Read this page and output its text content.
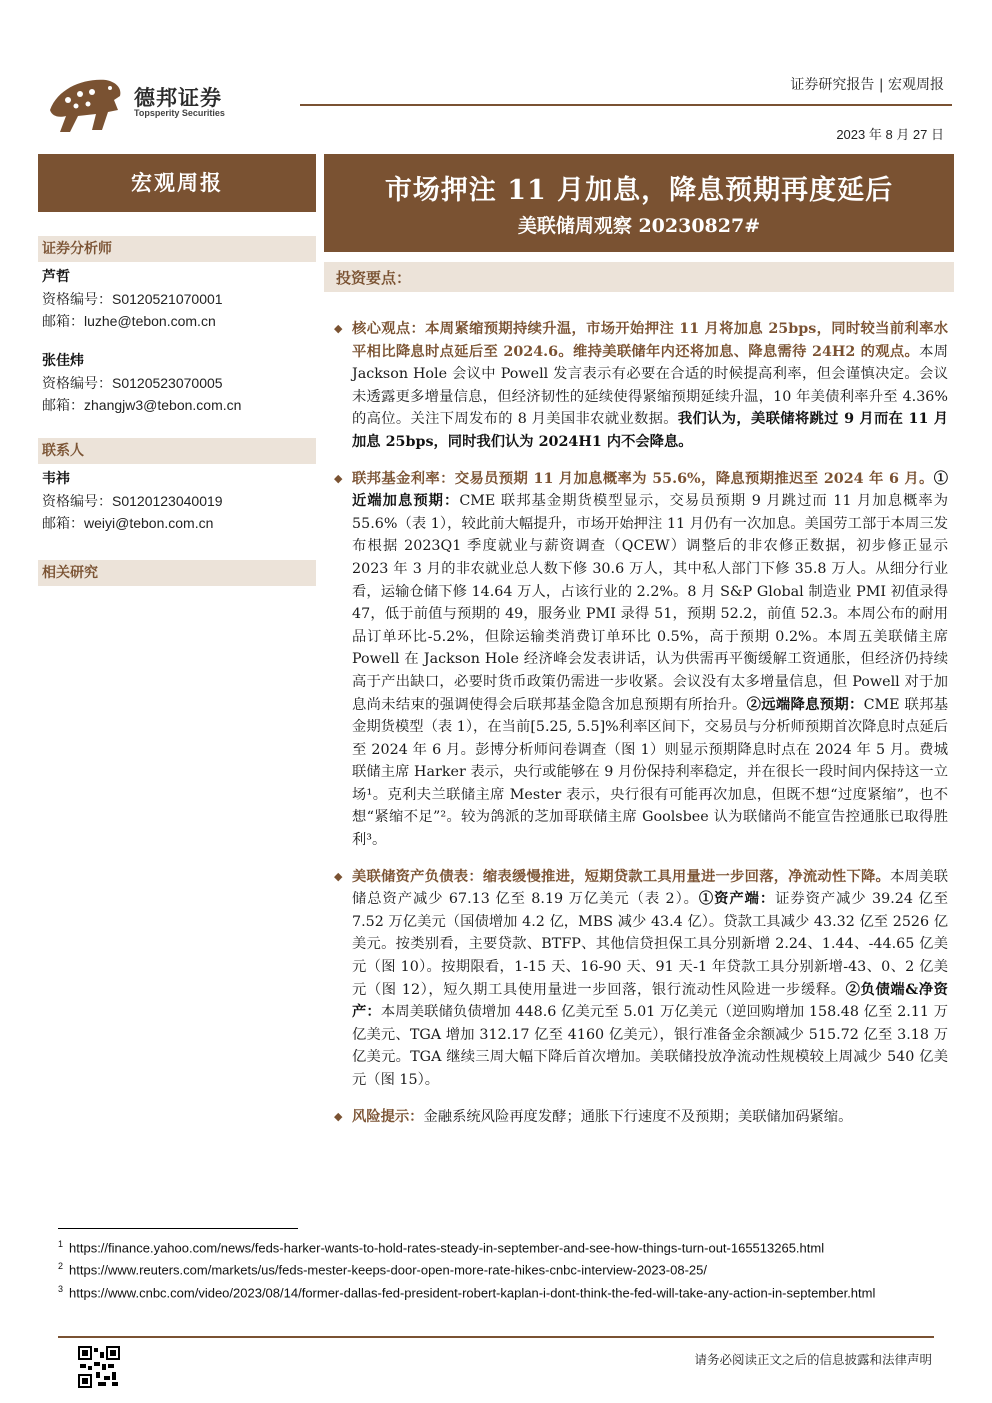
德邦证券
Topsperity Securities
证券研究报告 | 宏观周报
2023 年 8 月 27 日
宏观周报	市场押注 11 月加息，降息预期再度延后
美联储周观察 20230827#
证券分析师
芦哲
资格编号：S0120521070001
邮箱：luzhe@tebon.com.cn
张佳炜
资格编号：S0120523070005
邮箱：zhangjw3@tebon.com.cn
联系人
韦祎
资格编号：S0120123040019
邮箱：weiyi@tebon.com.cn
相关研究
投资要点：
◆ 核心观点：本周紧缩预期持续升温，市场开始押注 11 月将加息 25bps，同时较当前利率水平相比降息时点延后至 2024.6。维持美联储年内还将加息、降息需待 24H2 的观点。本周 Jackson Hole 会议中 Powell 发言表示有必要在合适的时候提高利率，但会谨慎决定。会议未透露更多增量信息，但经济韧性的延续使得紧缩预期延续升温，10 年美债利率升至 4.36%的高位。关注下周发布的 8 月美国非农就业数据。我们认为，美联储将跳过 9 月而在 11 月加息 25bps，同时我们认为 2024H1 内不会降息。
◆ 联邦基金利率：交易员预期 11 月加息概率为 55.6%，降息预期推迟至 2024 年 6 月。①近端加息预期：CME 联邦基金期货模型显示，交易员预期 9 月跳过而 11 月加息概率为 55.6%（表 1），较此前大幅提升，市场开始押注 11 月仍有一次加息。美国劳工部于本周三发布根据 2023Q1 季度就业与薪资调查（QCEW）调整后的非农修正数据，初步修正显示 2023 年 3 月的非农就业总人数下修 30.6 万人，其中私人部门下修 35.8 万人。从细分行业看，运输仓储下修 14.64 万人，占该行业的 2.2%。8 月 S&P Global 制造业 PMI 初值录得 47，低于前值与预期的 49，服务业 PMI 录得 51，预期 52.2，前值 52.3。本周公布的耐用品订单环比-5.2%，但除运输类消费订单环比 0.5%，高于预期 0.2%。本周五美联储主席 Powell 在 Jackson Hole 经济峰会发表讲话，认为供需再平衡缓解工资通胀，但经济仍持续高于产出缺口，必要时货币政策仍需进一步收紧。会议没有太多增量信息，但 Powell 对于加息尚未结束的强调使得会后联邦基金隐含加息预期有所抬升。②远端降息预期：CME 联邦基金期货模型（表 1），在当前[5.25, 5.5]%利率区间下，交易员与分析师预期首次降息时点延后至 2024 年 6 月。彭博分析师问卷调查（图 1）则显示预期降息时点在 2024 年 5 月。费城联储主席 Harker 表示，央行或能够在 9 月份保持利率稳定，并在很长一段时间内保持这一立场¹。克利夫兰联储主席 Mester 表示，央行很有可能再次加息，但既不想“过度紧缩”，也不想“紧缩不足”²。较为鸽派的芝加哥联储主席 Goolsbee 认为联储尚不能宣告控通胀已取得胜利³。
◆ 美联储资产负债表：缩表缓慢推进，短期贷款工具用量进一步回落，净流动性下降。本周美联储总资产减少 67.13 亿至 8.19 万亿美元（表 2）。①资产端：证券资产减少 39.24 亿至 7.52 万亿美元（国债增加 4.2 亿，MBS 减少 43.4 亿）。贷款工具减少 43.32 亿至 2526 亿美元。按类别看，主要贷款、BTFP、其他信贷担保工具分别新增 2.24、1.44、-44.65 亿美元（图 10）。按期限看，1-15 天、16-90 天、91 天-1 年贷款工具分别新增-43、0、2 亿美元（图 12），短久期工具使用量进一步回落，银行流动性风险进一步缓释。②负债端&净资产：本周美联储负债增加 448.6 亿美元至 5.01 万亿美元（逆回购增加 158.48 亿至 2.11 万亿美元、TGA 增加 312.17 亿至 4160 亿美元），银行准备金余额减少 515.72 亿至 3.18 万亿美元。TGA 继续三周大幅下降后首次增加。美联储投放净流动性规模较上周减少 540 亿美元（图 15）。
◆ 风险提示：金融系统风险再度发酵；通胀下行速度不及预期；美联储加码紧缩。
$^1$ https://finance.yahoo.com/news/feds-harker-wants-to-hold-rates-steady-in-september-and-see-how-things-turn-out-165513265.html
$^2$ https://www.reuters.com/markets/us/feds-mester-keeps-door-open-more-rate-hikes-cnbc-interview-2023-08-25/
$^3$ https://www.cnbc.com/video/2023/08/14/former-dallas-fed-president-robert-kaplan-i-dont-think-the-fed-will-take-any-action-in-september.html
请务必阅读正文之后的信息披露和法律声明
